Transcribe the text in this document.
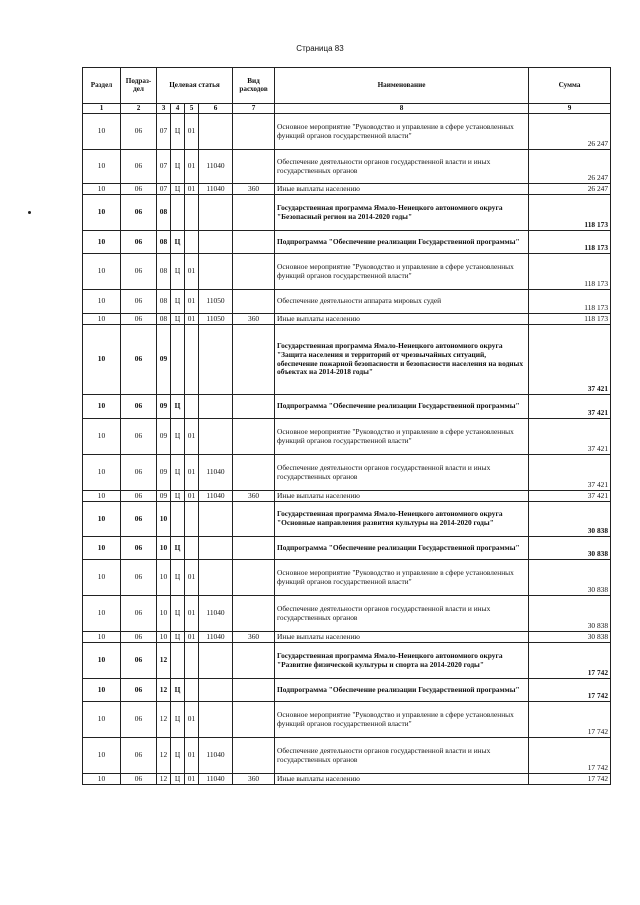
Страница 83
Раздел	Подраз-дел	Целевая статья				Вид расходов	Наименование	Сумма
1	2	3	4	5	6	7	8	9
10	06	07	Ц	01			Основное мероприятие "Руководство и управление в сфере установленных функций органов государственной власти"	26 247
10	06	07	Ц	01	11040		Обеспечение деятельности органов государственной власти и иных государственных органов	26 247
10	06	07	Ц	01	11040	360	Иные выплаты населению	26 247
10	06	08					Государственная программа Ямало-Ненецкого автономного округа "Безопасный регион на 2014-2020 годы"	118 173
10	06	08	Ц				Подпрограмма "Обеспечение реализации Государственной программы"	118 173
10	06	08	Ц	01			Основное мероприятие "Руководство и управление в сфере установленных функций органов государственной власти"	118 173
10	06	08	Ц	01	11050		Обеспечение деятельности аппарата мировых судей	118 173
10	06	08	Ц	01	11050	360	Иные выплаты населению	118 173
10	06	09					Государственная программа Ямало-Ненецкого автономного округа "Защита населения и территорий от чрезвычайных ситуаций, обеспечение пожарной безопасности и безопасности населения на водных объектах на 2014-2018 годы"	37 421
10	06	09	Ц				Подпрограмма "Обеспечение реализации Государственной программы"	37 421
10	06	09	Ц	01			Основное мероприятие "Руководство и управление в сфере установленных функций органов государственной власти"	37 421
10	06	09	Ц	01	11040		Обеспечение деятельности органов государственной власти и иных государственных органов	37 421
10	06	09	Ц	01	11040	360	Иные выплаты населению	37 421
10	06	10					Государственная программа Ямало-Ненецкого автономного округа "Основные направления развития культуры на 2014-2020 годы"	30 838
10	06	10	Ц				Подпрограмма "Обеспечение реализации Государственной программы"	30 838
10	06	10	Ц	01			Основное мероприятие "Руководство и управление в сфере установленных функций органов государственной власти"	30 838
10	06	10	Ц	01	11040		Обеспечение деятельности органов государственной власти и иных государственных органов	30 838
10	06	10	Ц	01	11040	360	Иные выплаты населению	30 838
10	06	12					Государственная программа Ямало-Ненецкого автономного округа "Развитие физической культуры и спорта на 2014-2020 годы"	17 742
10	06	12	Ц				Подпрограмма "Обеспечение реализации Государственной программы"	17 742
10	06	12	Ц	01			Основное мероприятие "Руководство и управление в сфере установленных функций органов государственной власти"	17 742
10	06	12	Ц	01	11040		Обеспечение деятельности органов государственной власти и иных государственных органов	17 742
10	06	12	Ц	01	11040	360	Иные выплаты населению	17 742
